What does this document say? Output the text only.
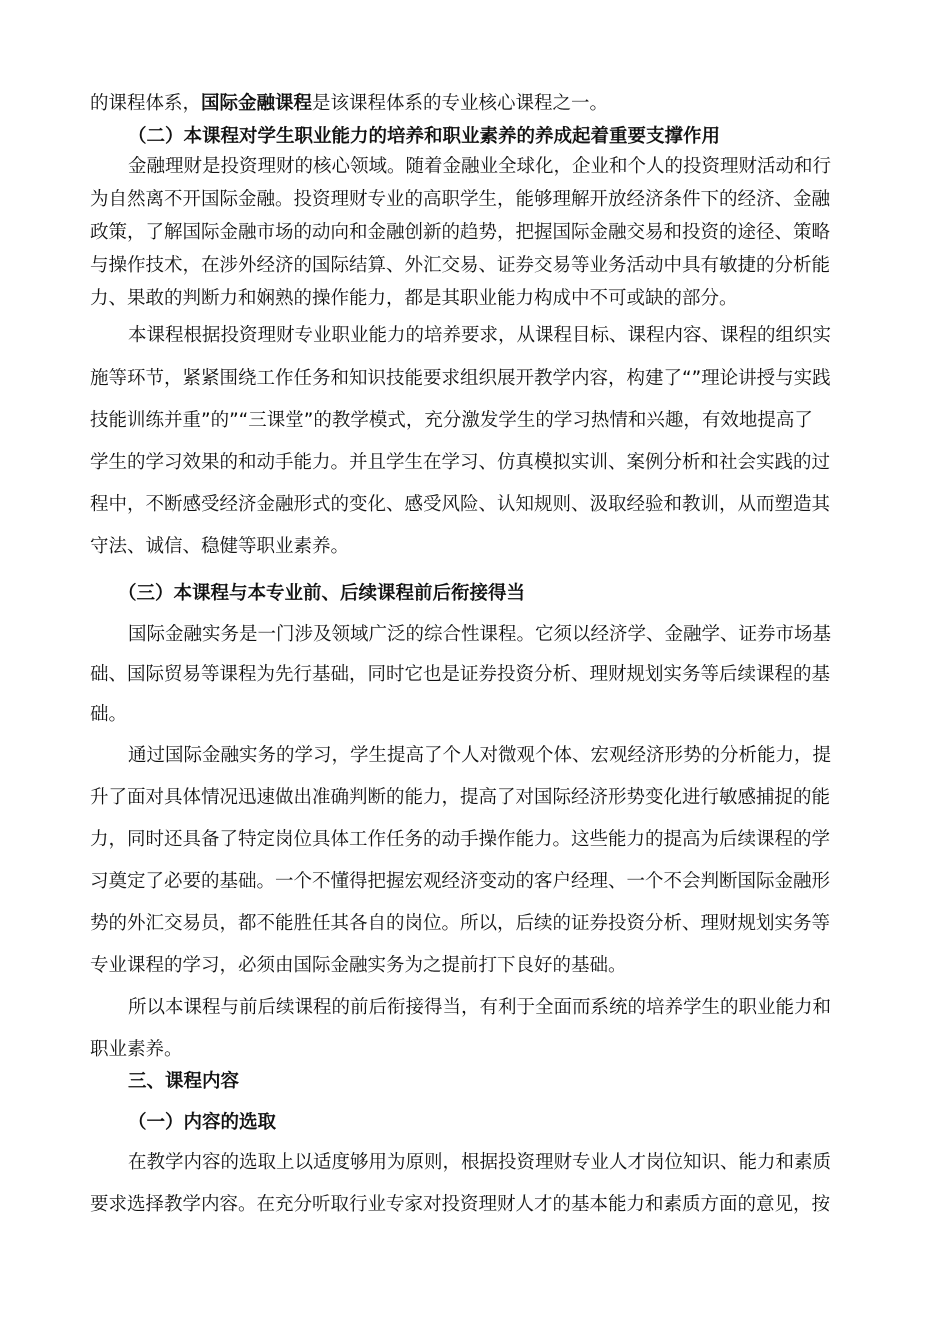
的课程体系，国际金融课程是该课程体系的专业核心课程之一。
（二）本课程对学生职业能力的培养和职业素养的养成起着重要支撑作用
金融理财是投资理财的核心领域。随着金融业全球化，企业和个人的投资理财活动和行
为自然离不开国际金融。投资理财专业的高职学生，能够理解开放经济条件下的经济、金融
政策，了解国际金融市场的动向和金融创新的趋势，把握国际金融交易和投资的途径、策略
与操作技术，在涉外经济的国际结算、外汇交易、证券交易等业务活动中具有敏捷的分析能
力、果敢的判断力和娴熟的操作能力，都是其职业能力构成中不可或缺的部分。
本课程根据投资理财专业职业能力的培养要求，从课程目标、课程内容、课程的组织实
施等环节，紧紧围绕工作任务和知识技能要求组织展开教学内容，构建了“”理论讲授与实践
技能训练并重”的”“三课堂”的教学模式，充分激发学生的学习热情和兴趣，有效地提高了
学生的学习效果的和动手能力。并且学生在学习、仿真模拟实训、案例分析和社会实践的过
程中，不断感受经济金融形式的变化、感受风险、认知规则、汲取经验和教训，从而塑造其
守法、诚信、稳健等职业素养。
（三）本课程与本专业前、后续课程前后衔接得当
国际金融实务是一门涉及领域广泛的综合性课程。它须以经济学、金融学、证券市场基
础、国际贸易等课程为先行基础，同时它也是证券投资分析、理财规划实务等后续课程的基
础。
通过国际金融实务的学习，学生提高了个人对微观个体、宏观经济形势的分析能力，提
升了面对具体情况迅速做出准确判断的能力，提高了对国际经济形势变化进行敏感捕捉的能
力，同时还具备了特定岗位具体工作任务的动手操作能力。这些能力的提高为后续课程的学
习奠定了必要的基础。一个不懂得把握宏观经济变动的客户经理、一个不会判断国际金融形
势的外汇交易员，都不能胜任其各自的岗位。所以，后续的证券投资分析、理财规划实务等
专业课程的学习，必须由国际金融实务为之提前打下良好的基础。
所以本课程与前后续课程的前后衔接得当，有利于全面而系统的培养学生的职业能力和
职业素养。
三、课程内容
（一）内容的选取
在教学内容的选取上以适度够用为原则，根据投资理财专业人才岗位知识、能力和素质
要求选择教学内容。在充分听取行业专家对投资理财人才的基本能力和素质方面的意见，按
